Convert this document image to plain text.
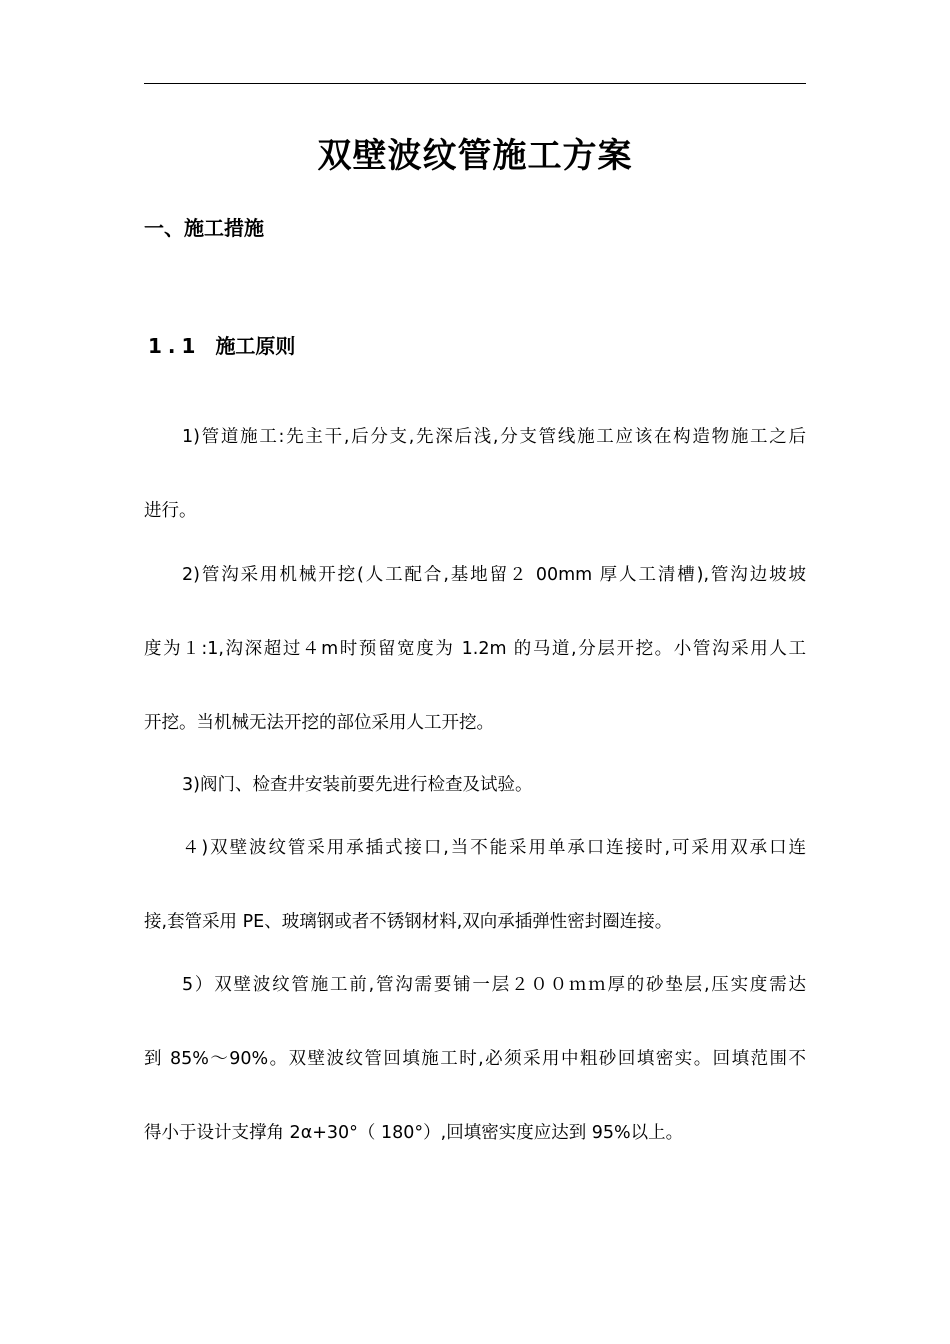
双壁波纹管施工方案
一、施工措施
1.1 施工原则

1)管道施工:先主干,后分支,先深后浅,分支管线施工应该在构造物施工之后

进行。

2)管沟采用机械开挖(人工配合,基地留２ 00mm 厚人工清槽),管沟边坡坡

度为１:1,沟深超过４m时预留宽度为 1.2m 的马道,分层开挖。小管沟采用人工

开挖。当机械无法开挖的部位采用人工开挖。

3)阀门、检查井安装前要先进行检查及试验。

４)双壁波纹管采用承插式接口,当不能采用单承口连接时,可采用双承口连

接,套管采用 PE、玻璃钢或者不锈钢材料,双向承插弹性密封圈连接。

5）双壁波纹管施工前,管沟需要铺一层２００ｍｍ厚的砂垫层,压实度需达

到 85%～90%。双壁波纹管回填施工时,必须采用中粗砂回填密实。回填范围不

得小于设计支撑角 2α+30°（ 180°）,回填密实度应达到 95%以上。
